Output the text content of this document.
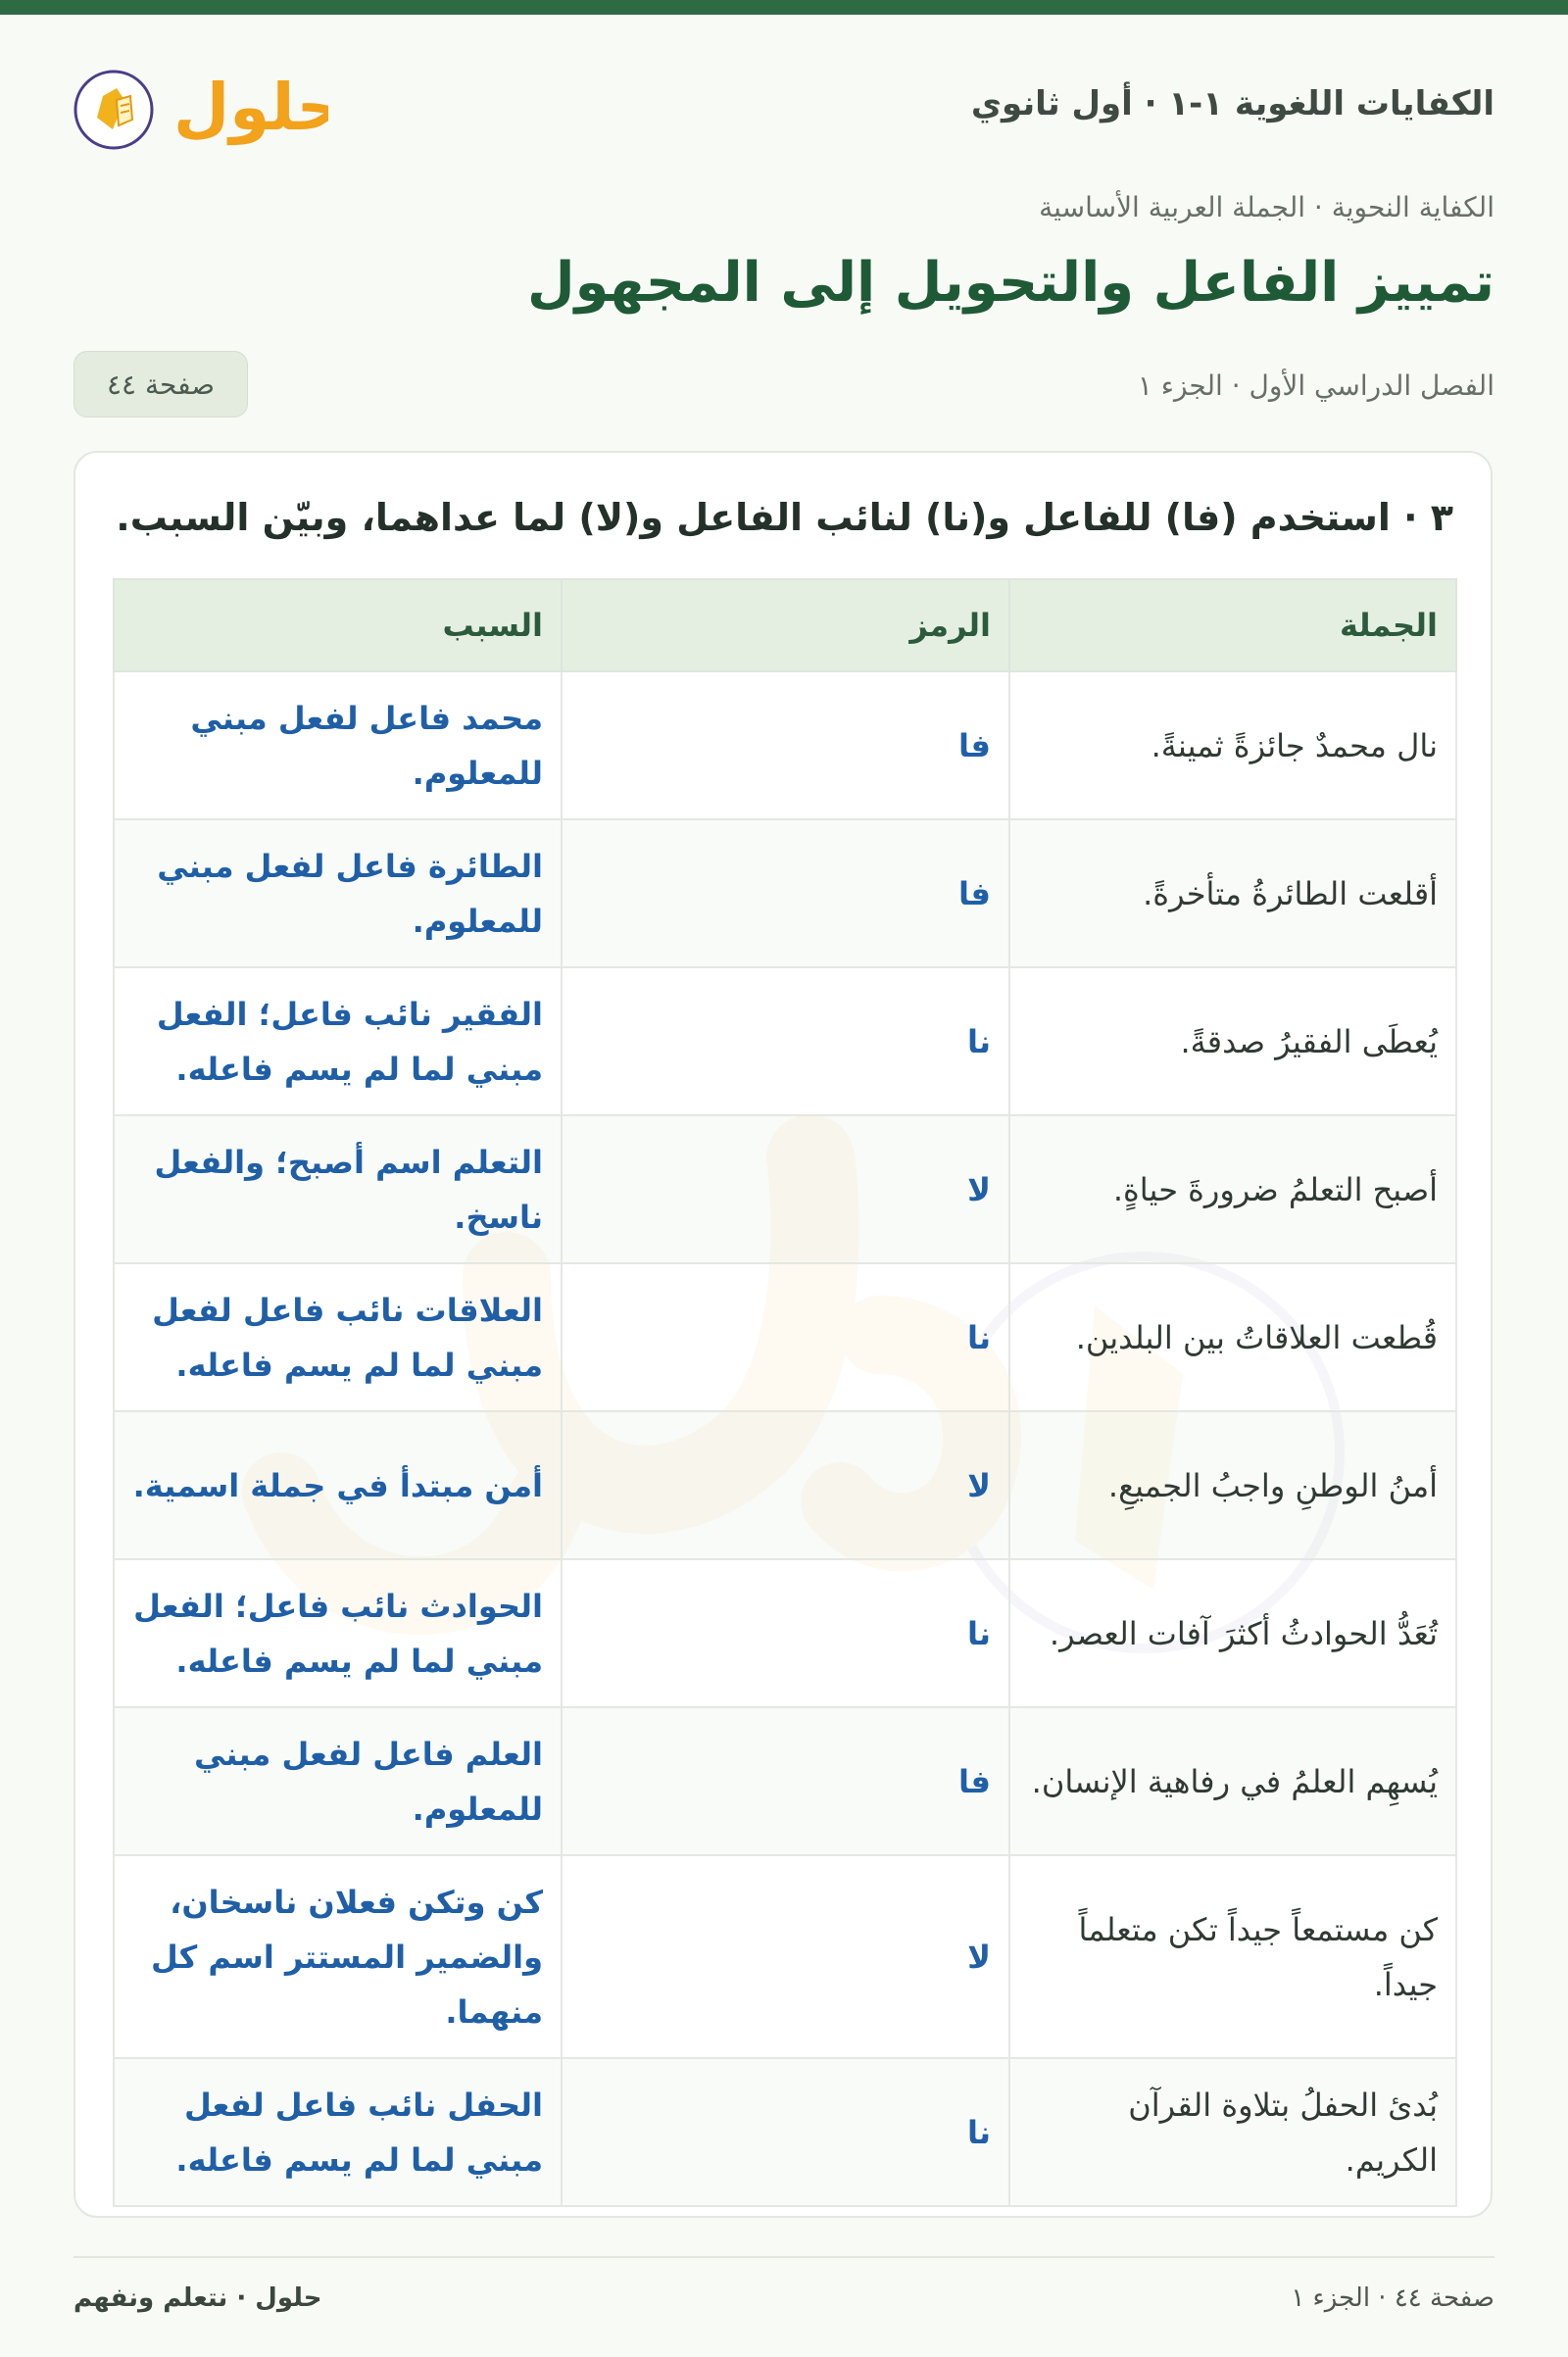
الكفايات اللغوية ١-١ · أول ثانوي
حلول
الكفاية النحوية · الجملة العربية الأساسية
تمييز الفاعل والتحويل إلى المجهول
الفصل الدراسي الأول · الجزء ١
صفحة ٤٤
٣ · استخدم (فا) للفاعل و(نا) لنائب الفاعل و(لا) لما عداهما، وبيّن السبب.
الجملة	الرمز	السبب
نال محمدٌ جائزةً ثمينةً.	فا	محمد فاعل لفعل مبني للمعلوم.
أقلعت الطائرةُ متأخرةً.	فا	الطائرة فاعل لفعل مبني للمعلوم.
يُعطَى الفقيرُ صدقةً.	نا	الفقير نائب فاعل؛ الفعل مبني لما لم يسم فاعله.
أصبح التعلمُ ضرورةَ حياةٍ.	لا	التعلم اسم أصبح؛ والفعل ناسخ.
قُطعت العلاقاتُ بين البلدين.	نا	العلاقات نائب فاعل لفعل مبني لما لم يسم فاعله.
أمنُ الوطنِ واجبُ الجميعِ.	لا	أمن مبتدأ في جملة اسمية.
تُعَدُّ الحوادثُ أكثرَ آفات العصر.	نا	الحوادث نائب فاعل؛ الفعل مبني لما لم يسم فاعله.
يُسهِم العلمُ في رفاهية الإنسان.	فا	العلم فاعل لفعل مبني للمعلوم.
كن مستمعاً جيداً تكن متعلماً جيداً.	لا	كن وتكن فعلان ناسخان، والضمير المستتر اسم كل منهما.
بُدئ الحفلُ بتلاوة القرآن الكريم.	نا	الحفل نائب فاعل لفعل مبني لما لم يسم فاعله.
صفحة ٤٤ · الجزء ١
حلول · نتعلم ونفهم
